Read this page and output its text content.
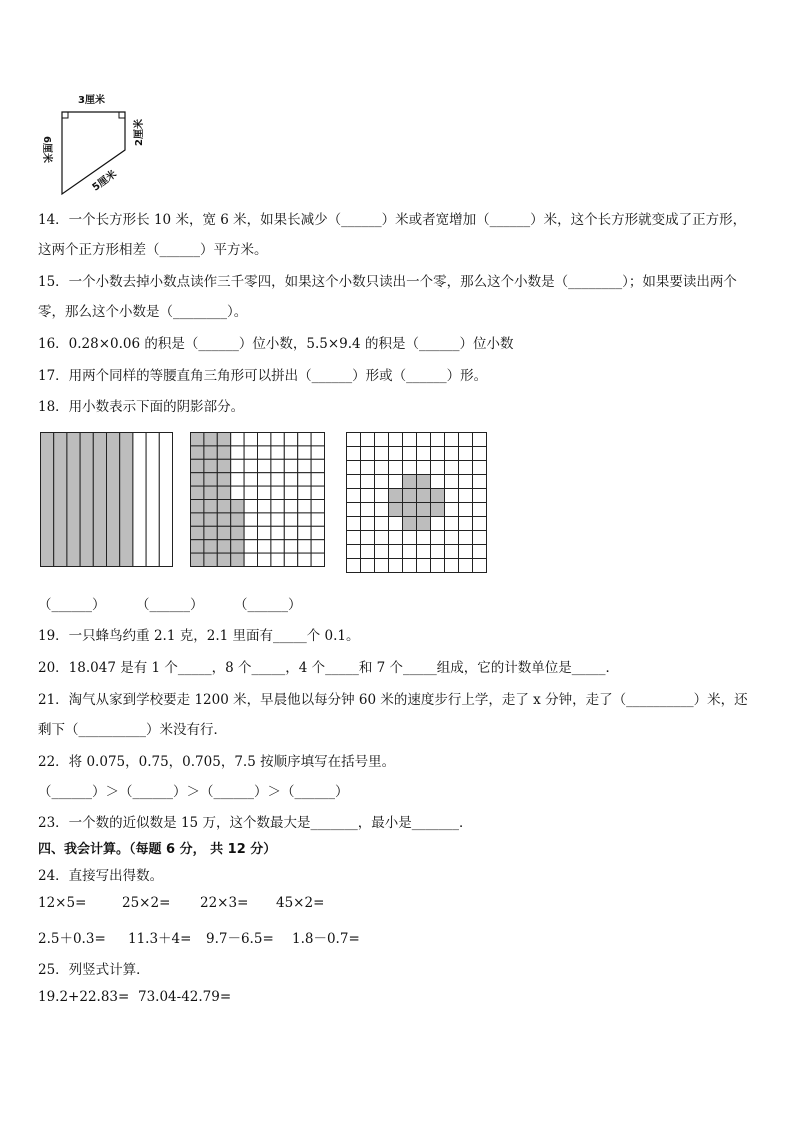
3厘米
6厘米
2厘米
5厘米
14．一个长方形长 10 米，宽 6 米，如果长减少（______）米或者宽增加（______）米，这个长方形就变成了正方形，
这两个正方形相差（______）平方米。
15．一个小数去掉小数点读作三千零四，如果这个小数只读出一个零，那么这个小数是（________）；如果要读出两个
零，那么这个小数是（________）。
16．0.28×0.06 的积是（______）位小数，5.5×9.4 的积是（______）位小数
17．用两个同样的等腰直角三角形可以拼出（______）形或（______）形。
18．用小数表示下面的阴影部分。
（______） （______） （______）
19．一只蜂鸟约重 2.1 克，2.1 里面有_____个 0.1。
20．18.047 是有 1 个_____，8 个_____，4 个_____和 7 个_____组成，它的计数单位是_____．
21．淘气从家到学校要走 1200 米，早晨他以每分钟 60 米的速度步行上学，走了 x 分钟，走了（__________）米，还
剩下（__________）米没有行．
22．将 0.075，0.75，0.705，7.5 按顺序填写在括号里。
（______）＞（______）＞（______）＞（______）
23．一个数的近似数是 15 万，这个数最大是_______，最小是_______．
四、我会计算。（每题 6 分， 共 12 分）
24．直接写出得数。
12×5=	25×2= 22×3= 45×2=
2.5＋0.3= 11.3＋4= 9.7－6.5= 1.8－0.7=
25．列竖式计算．
19.2+22.83= 73.04-42.79=
